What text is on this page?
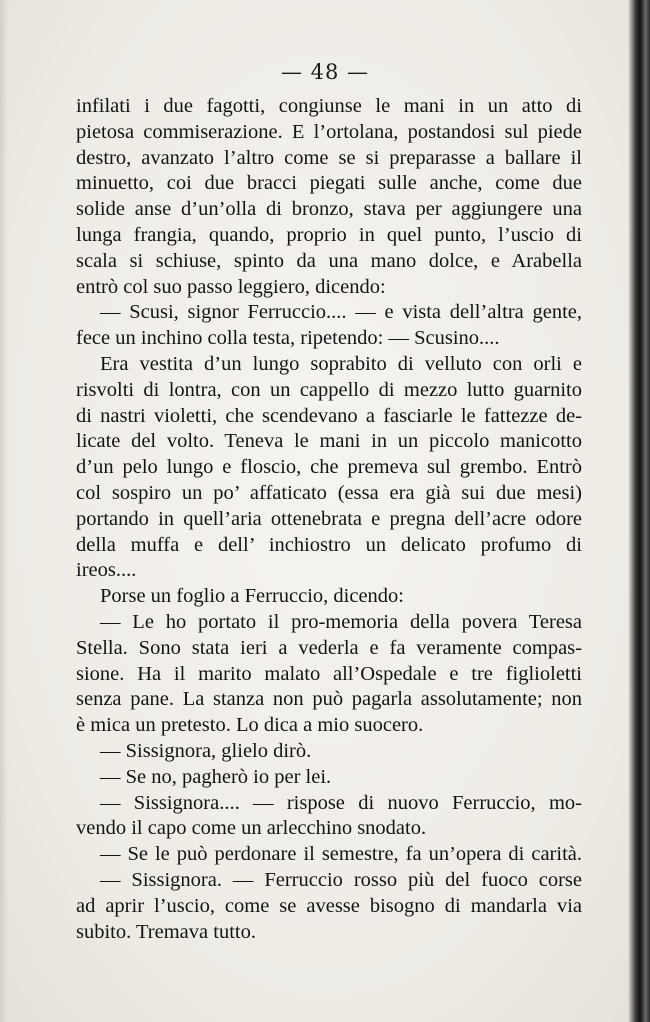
— 48 —
infilati i due fagotti, congiunse le mani in un atto di
pietosa commiserazione. E l’ortolana, postandosi sul piede
destro, avanzato l’altro come se si preparasse a ballare il
minuetto, coi due bracci piegati sulle anche, come due
solide anse d’un’olla di bronzo, stava per aggiungere una
lunga frangia, quando, proprio in quel punto, l’uscio di
scala si schiuse, spinto da una mano dolce, e Arabella
entrò col suo passo leggiero, dicendo:
— Scusi, signor Ferruccio.... — e vista dell’altra gente,
fece un inchino colla testa, ripetendo: — Scusino....
Era vestita d’un lungo soprabito di velluto con orli e
risvolti di lontra, con un cappello di mezzo lutto guarnito
di nastri violetti, che scendevano a fasciarle le fattezze de-
licate del volto. Teneva le mani in un piccolo manicotto
d’un pelo lungo e floscio, che premeva sul grembo. Entrò
col sospiro un po’ affaticato (essa era già sui due mesi)
portando in quell’aria ottenebrata e pregna dell’acre odore
della muffa e dell’ inchiostro un delicato profumo di
ireos....
Porse un foglio a Ferruccio, dicendo:
— Le ho portato il pro-memoria della povera Teresa
Stella. Sono stata ieri a vederla e fa veramente compas-
sione. Ha il marito malato all’Ospedale e tre figlioletti
senza pane. La stanza non può pagarla assolutamente; non
è mica un pretesto. Lo dica a mio suocero.
— Sissignora, glielo dirò.
— Se no, pagherò io per lei.
— Sissignora.... — rispose di nuovo Ferruccio, mo-
vendo il capo come un arlecchino snodato.
— Se le può perdonare il semestre, fa un’opera di carità.
— Sissignora. — Ferruccio rosso più del fuoco corse
ad aprir l’uscio, come se avesse bisogno di mandarla via
subito. Tremava tutto.
